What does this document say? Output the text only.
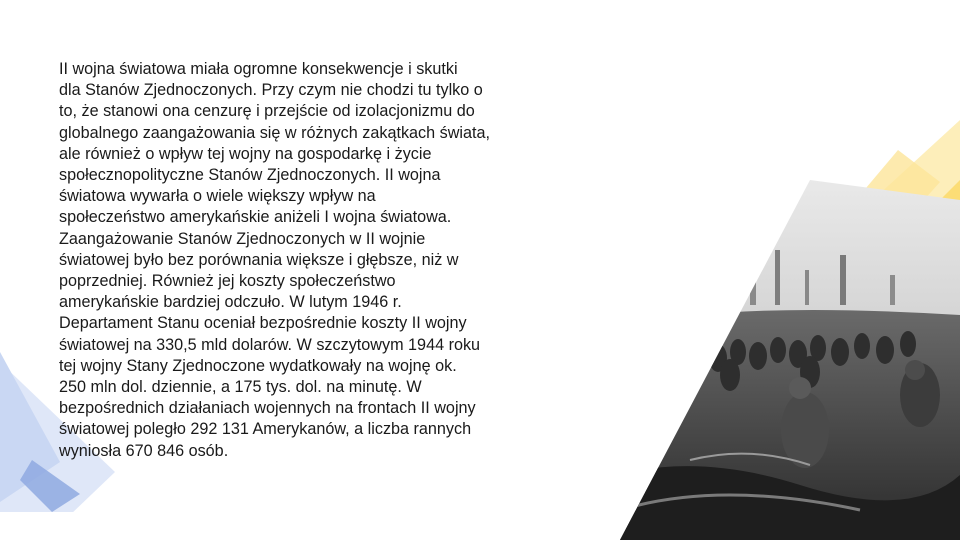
II wojna światowa miała ogromne konsekwencje i skutki
dla Stanów Zjednoczonych. Przy czym nie chodzi tu tylko o
to, że stanowi ona cenzurę i przejście od izolacjonizmu do
globalnego zaangażowania się w różnych zakątkach świata,
ale również o wpływ tej wojny na gospodarkę i życie
społecznopolityczne Stanów Zjednoczonych. II wojna
światowa wywarła o wiele większy wpływ na
społeczeństwo amerykańskie aniżeli I wojna światowa.
Zaangażowanie Stanów Zjednoczonych w II wojnie
światowej było bez porównania większe i głębsze, niż w
poprzedniej. Również jej koszty społeczeństwo
amerykańskie bardziej odczuło. W lutym 1946 r.
Departament Stanu oceniał bezpośrednie koszty II wojny
światowej na 330,5 mld dolarów. W szczytowym 1944 roku
tej wojny Stany Zjednoczone wydatkowały na wojnę ok.
250 mln dol. dziennie, a 175 tys. dol. na minutę. W
bezpośrednich działaniach wojennych na frontach II wojny
światowej poległo 292 131 Amerykanów, a liczba rannych
wyniosła 670 846 osób.
